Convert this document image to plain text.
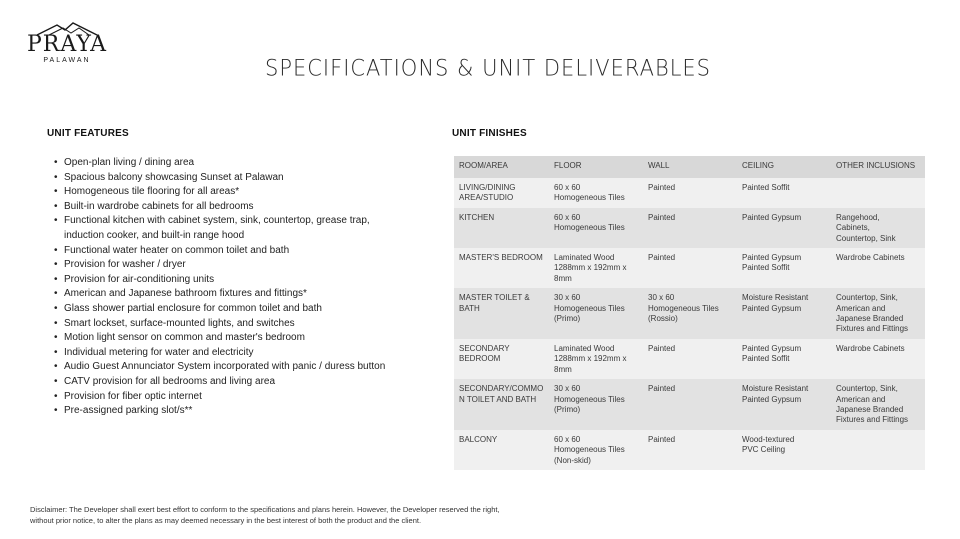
PRAYA
PALAWAN	SPECIFICATIONS & UNIT DELIVERABLES
UNIT FEATURES
• Open-plan living / dining area
• Spacious balcony showcasing Sunset at Palawan
• Homogeneous tile flooring for all areas*
• Built-in wardrobe cabinets for all bedrooms
• Functional kitchen with cabinet system, sink, countertop, grease trap,
induction cooker, and built-in range hood
• Functional water heater on common toilet and bath
• Provision for washer / dryer
• Provision for air-conditioning units
• American and Japanese bathroom fixtures and fittings*
• Glass shower partial enclosure for common toilet and bath
• Smart lockset, surface-mounted lights, and switches
• Motion light sensor on common and master's bedroom
• Individual metering for water and electricity
• Audio Guest Annunciator System incorporated with panic / duress button
• CATV provision for all bedrooms and living area
• Provision for fiber optic internet
• Pre-assigned parking slot/s**
UNIT FINISHES
ROOM/AREA	FLOOR	WALL	CEILING	OTHER INCLUSIONS

LIVING/DINING
AREA/STUDIO	60 x 60
Homogeneous Tiles	Painted	Painted Soffit	

KITCHEN	60 x 60
Homogeneous Tiles	Painted	Painted Gypsum	Rangehood,
Cabinets,
Countertop, Sink

MASTER'S BEDROOM	Laminated Wood
1288mm x 192mm x
8mm	Painted	Painted Gypsum
Painted Soffit	Wardrobe Cabinets

MASTER TOILET &
BATH	30 x 60
Homogeneous Tiles
(Primo)	30 x 60
Homogeneous Tiles
(Rossio)	Moisture Resistant
Painted Gypsum	Countertop, Sink,
American and
Japanese Branded
Fixtures and Fittings

SECONDARY
BEDROOM	Laminated Wood
1288mm x 192mm x
8mm	Painted	Painted Gypsum
Painted Soffit	Wardrobe Cabinets

SECONDARY/COMMO
N TOILET AND BATH	30 x 60
Homogeneous Tiles
(Primo)	Painted	Moisture Resistant
Painted Gypsum	Countertop, Sink,
American and
Japanese Branded
Fixtures and Fittings

BALCONY	60 x 60
Homogeneous Tiles
(Non-skid)	Painted	Wood-textured
PVC Ceiling	

Disclaimer: The Developer shall exert best effort to conform to the specifications and plans herein. However, the Developer reserved the right,
without prior notice, to alter the plans as may deemed necessary in the best interest of both the product and the client.
